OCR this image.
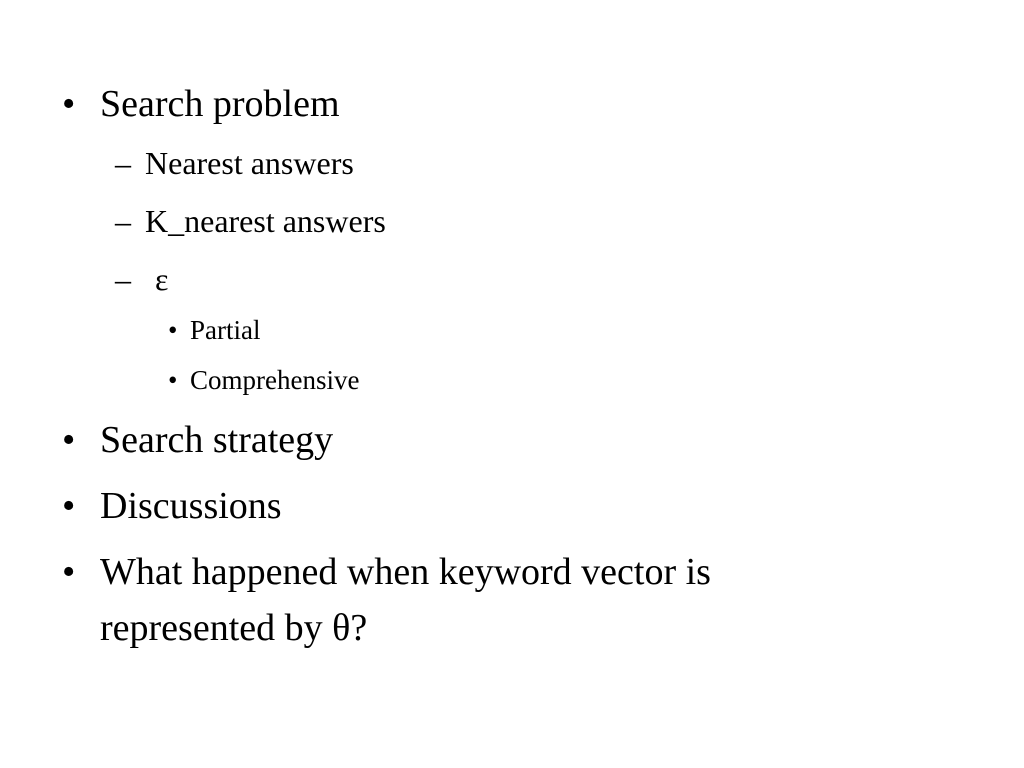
• Search problem
– Nearest answers
– K_nearest answers
– ε
• Partial
• Comprehensive
• Search strategy
• Discussions
• What happened when keyword vector is
represented by θ?
